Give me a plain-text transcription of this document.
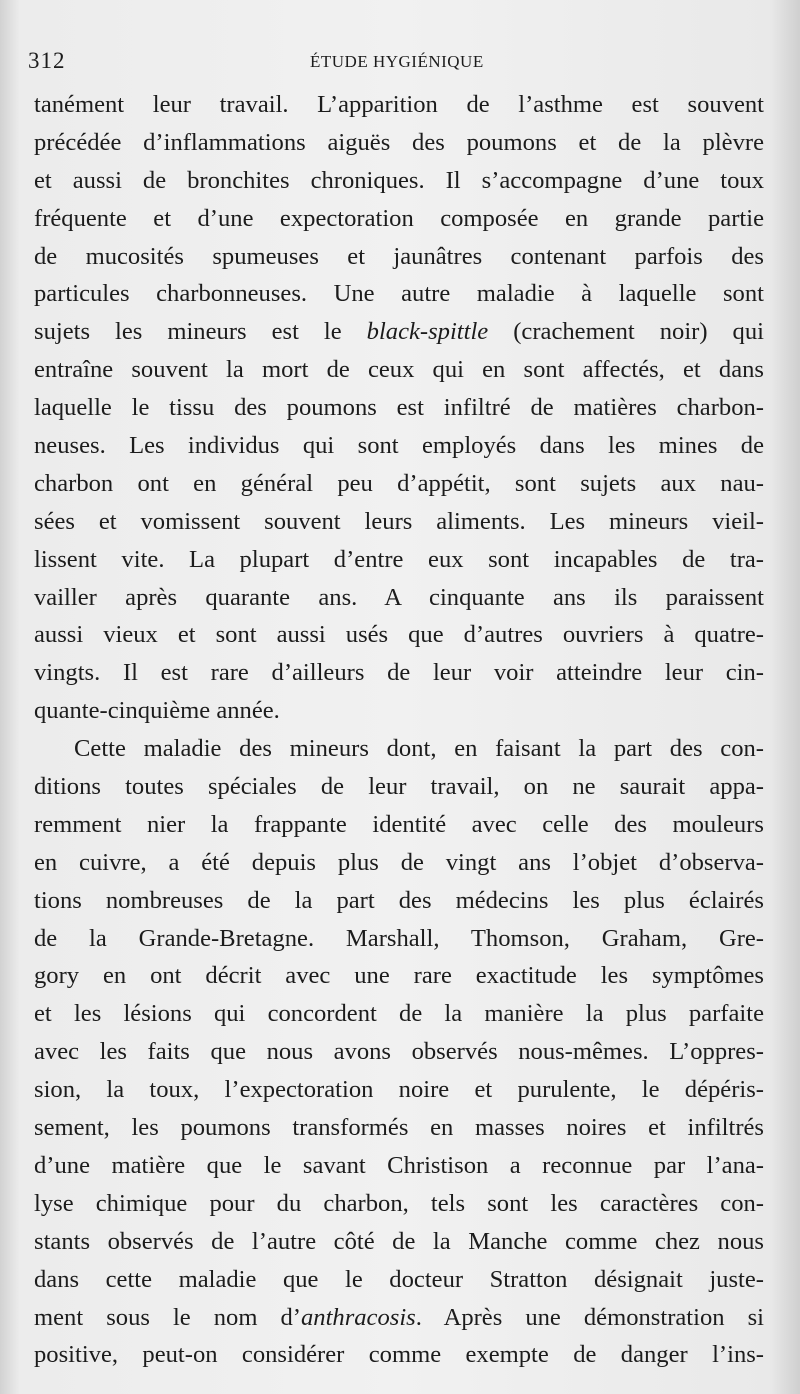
312	ÉTUDE HYGIÉNIQUE
tanément leur travail. L’apparition de l’asthme est souvent
précédée d’inflammations aiguës des poumons et de la plèvre
et aussi de bronchites chroniques. Il s’accompagne d’une toux
fréquente et d’une expectoration composée en grande partie
de mucosités spumeuses et jaunâtres contenant parfois des
particules charbonneuses. Une autre maladie à laquelle sont
sujets les mineurs est le black-spittle (crachement noir) qui
entraîne souvent la mort de ceux qui en sont affectés, et dans
laquelle le tissu des poumons est infiltré de matières charbon-
neuses. Les individus qui sont employés dans les mines de
charbon ont en général peu d’appétit, sont sujets aux nau-
sées et vomissent souvent leurs aliments. Les mineurs vieil-
lissent vite. La plupart d’entre eux sont incapables de tra-
vailler après quarante ans. A cinquante ans ils paraissent
aussi vieux et sont aussi usés que d’autres ouvriers à quatre-
vingts. Il est rare d’ailleurs de leur voir atteindre leur cin-
quante-cinquième année.
Cette maladie des mineurs dont, en faisant la part des con-
ditions toutes spéciales de leur travail, on ne saurait appa-
remment nier la frappante identité avec celle des mouleurs
en cuivre, a été depuis plus de vingt ans l’objet d’observa-
tions nombreuses de la part des médecins les plus éclairés
de la Grande-Bretagne. Marshall, Thomson, Graham, Gre-
gory en ont décrit avec une rare exactitude les symptômes
et les lésions qui concordent de la manière la plus parfaite
avec les faits que nous avons observés nous-mêmes. L’oppres-
sion, la toux, l’expectoration noire et purulente, le dépéris-
sement, les poumons transformés en masses noires et infiltrés
d’une matière que le savant Christison a reconnue par l’ana-
lyse chimique pour du charbon, tels sont les caractères con-
stants observés de l’autre côté de la Manche comme chez nous
dans cette maladie que le docteur Stratton désignait juste-
ment sous le nom d’anthracosis. Après une démonstration si
positive, peut-on considérer comme exempte de danger l’ins-
